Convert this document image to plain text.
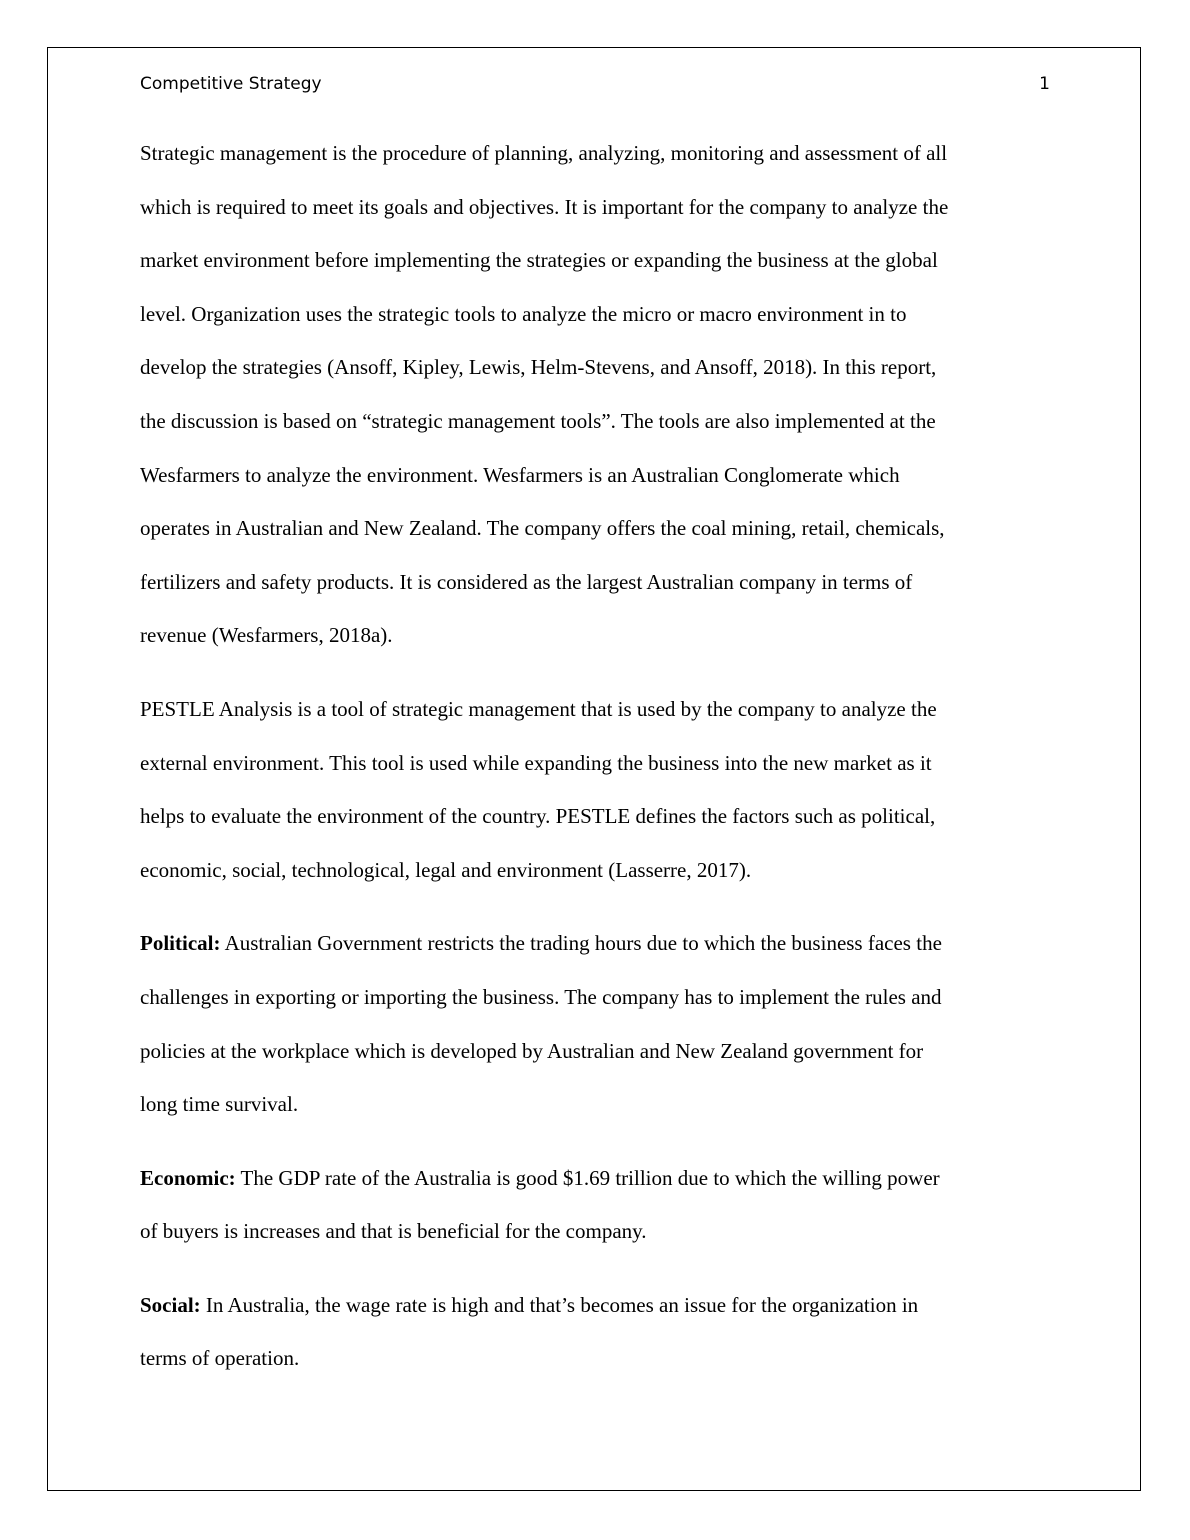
Competitive Strategy	1

Strategic management is the procedure of planning, analyzing, monitoring and assessment of all
which is required to meet its goals and objectives. It is important for the company to analyze the
market environment before implementing the strategies or expanding the business at the global
level. Organization uses the strategic tools to analyze the micro or macro environment in to
develop the strategies (Ansoff, Kipley, Lewis, Helm-Stevens, and Ansoff, 2018). In this report,
the discussion is based on “strategic management tools”. The tools are also implemented at the
Wesfarmers to analyze the environment. Wesfarmers is an Australian Conglomerate which
operates in Australian and New Zealand. The company offers the coal mining, retail, chemicals,
fertilizers and safety products. It is considered as the largest Australian company in terms of
revenue (Wesfarmers, 2018a).

PESTLE Analysis is a tool of strategic management that is used by the company to analyze the
external environment. This tool is used while expanding the business into the new market as it
helps to evaluate the environment of the country. PESTLE defines the factors such as political,
economic, social, technological, legal and environment (Lasserre, 2017).

Political: Australian Government restricts the trading hours due to which the business faces the
challenges in exporting or importing the business. The company has to implement the rules and
policies at the workplace which is developed by Australian and New Zealand government for
long time survival.

Economic: The GDP rate of the Australia is good $1.69 trillion due to which the willing power
of buyers is increases and that is beneficial for the company.

Social: In Australia, the wage rate is high and that’s becomes an issue for the organization in
terms of operation.
